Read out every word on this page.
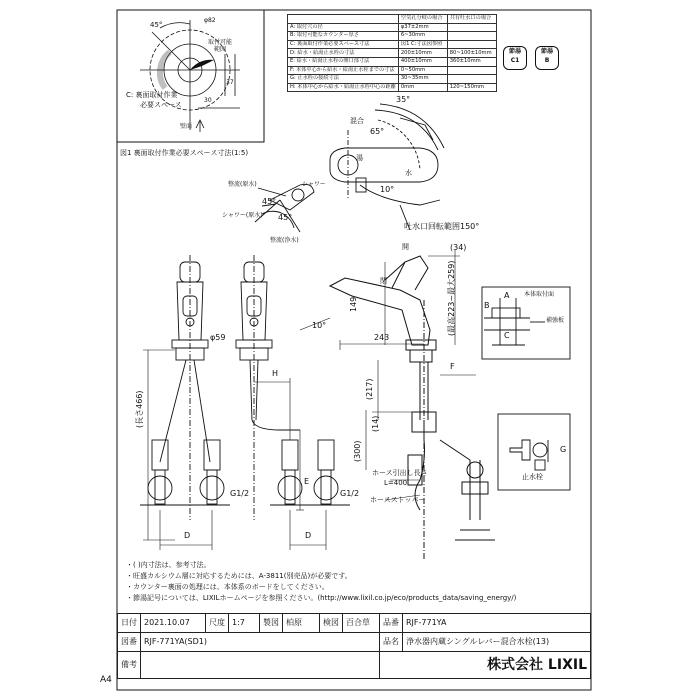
	空気孔分岐の場合	共有吐水口の場合
A: 取付穴の径	φ37±2mm	
B: 取付可能なカウンター厚さ	6~30mm	
C: 裏面取付作業必要スペース寸法	図1 C:寸法図参照	
D: 給水・給湯止水栓の寸法	200±10mm	80~100±10mm
E: 給水・給湯止水栓の開口部寸法	400±10mm	360±10mm
F: 本体中心から給水・給湯止水栓までの寸法	0~50mm	
G: 止水栓の接続寸法	30~35mm	
H: 本体中心から給水・給湯止水栓中心の距離	0mm	120~150mm
節湯
C1
節湯
B
図1 裏面取付作業必要スペース寸法(1:5)
45°
φ82
取付可能
範囲
37
30
C: 裏面取付作業
必要スペース
壁面
35°
65°
10°
混合
水
湯
吐水口回転範囲150°
整流(原水)
シャワー(原水)
整流(浄水)
シャワー
45°
45°
開
閉
(34)
149
243
(最高223~最大259)
(217)
(300)
(14)
10°
F
ホース引出し長さ
L=400
ホースストッパー
φ59
(長さ466)
H
E
D	D
G1/2	G1/2
A
B
C
本体取付面
補強板
G
止水栓
・( )内寸法は、参考寸法。
・旺盛カルシウム層に対応するためには、A-3811(別売品)が必要です。
・カウンター裏面の処理には、本体系のボードをしてください。
・節湯記号については、LIXILホームページを参照ください。(http://www.lixil.co.jp/eco/products_data/saving_energy/)
日付	2021.10.07	尺度	1:7	製図	柏原	検図	百合草	品番	RJF-771YA
図番	RJF-771YA(SD1)							品名	浄水器内蔵シングルレバー混合水栓(13)
備考								株式会社 LIXIL	
A4
